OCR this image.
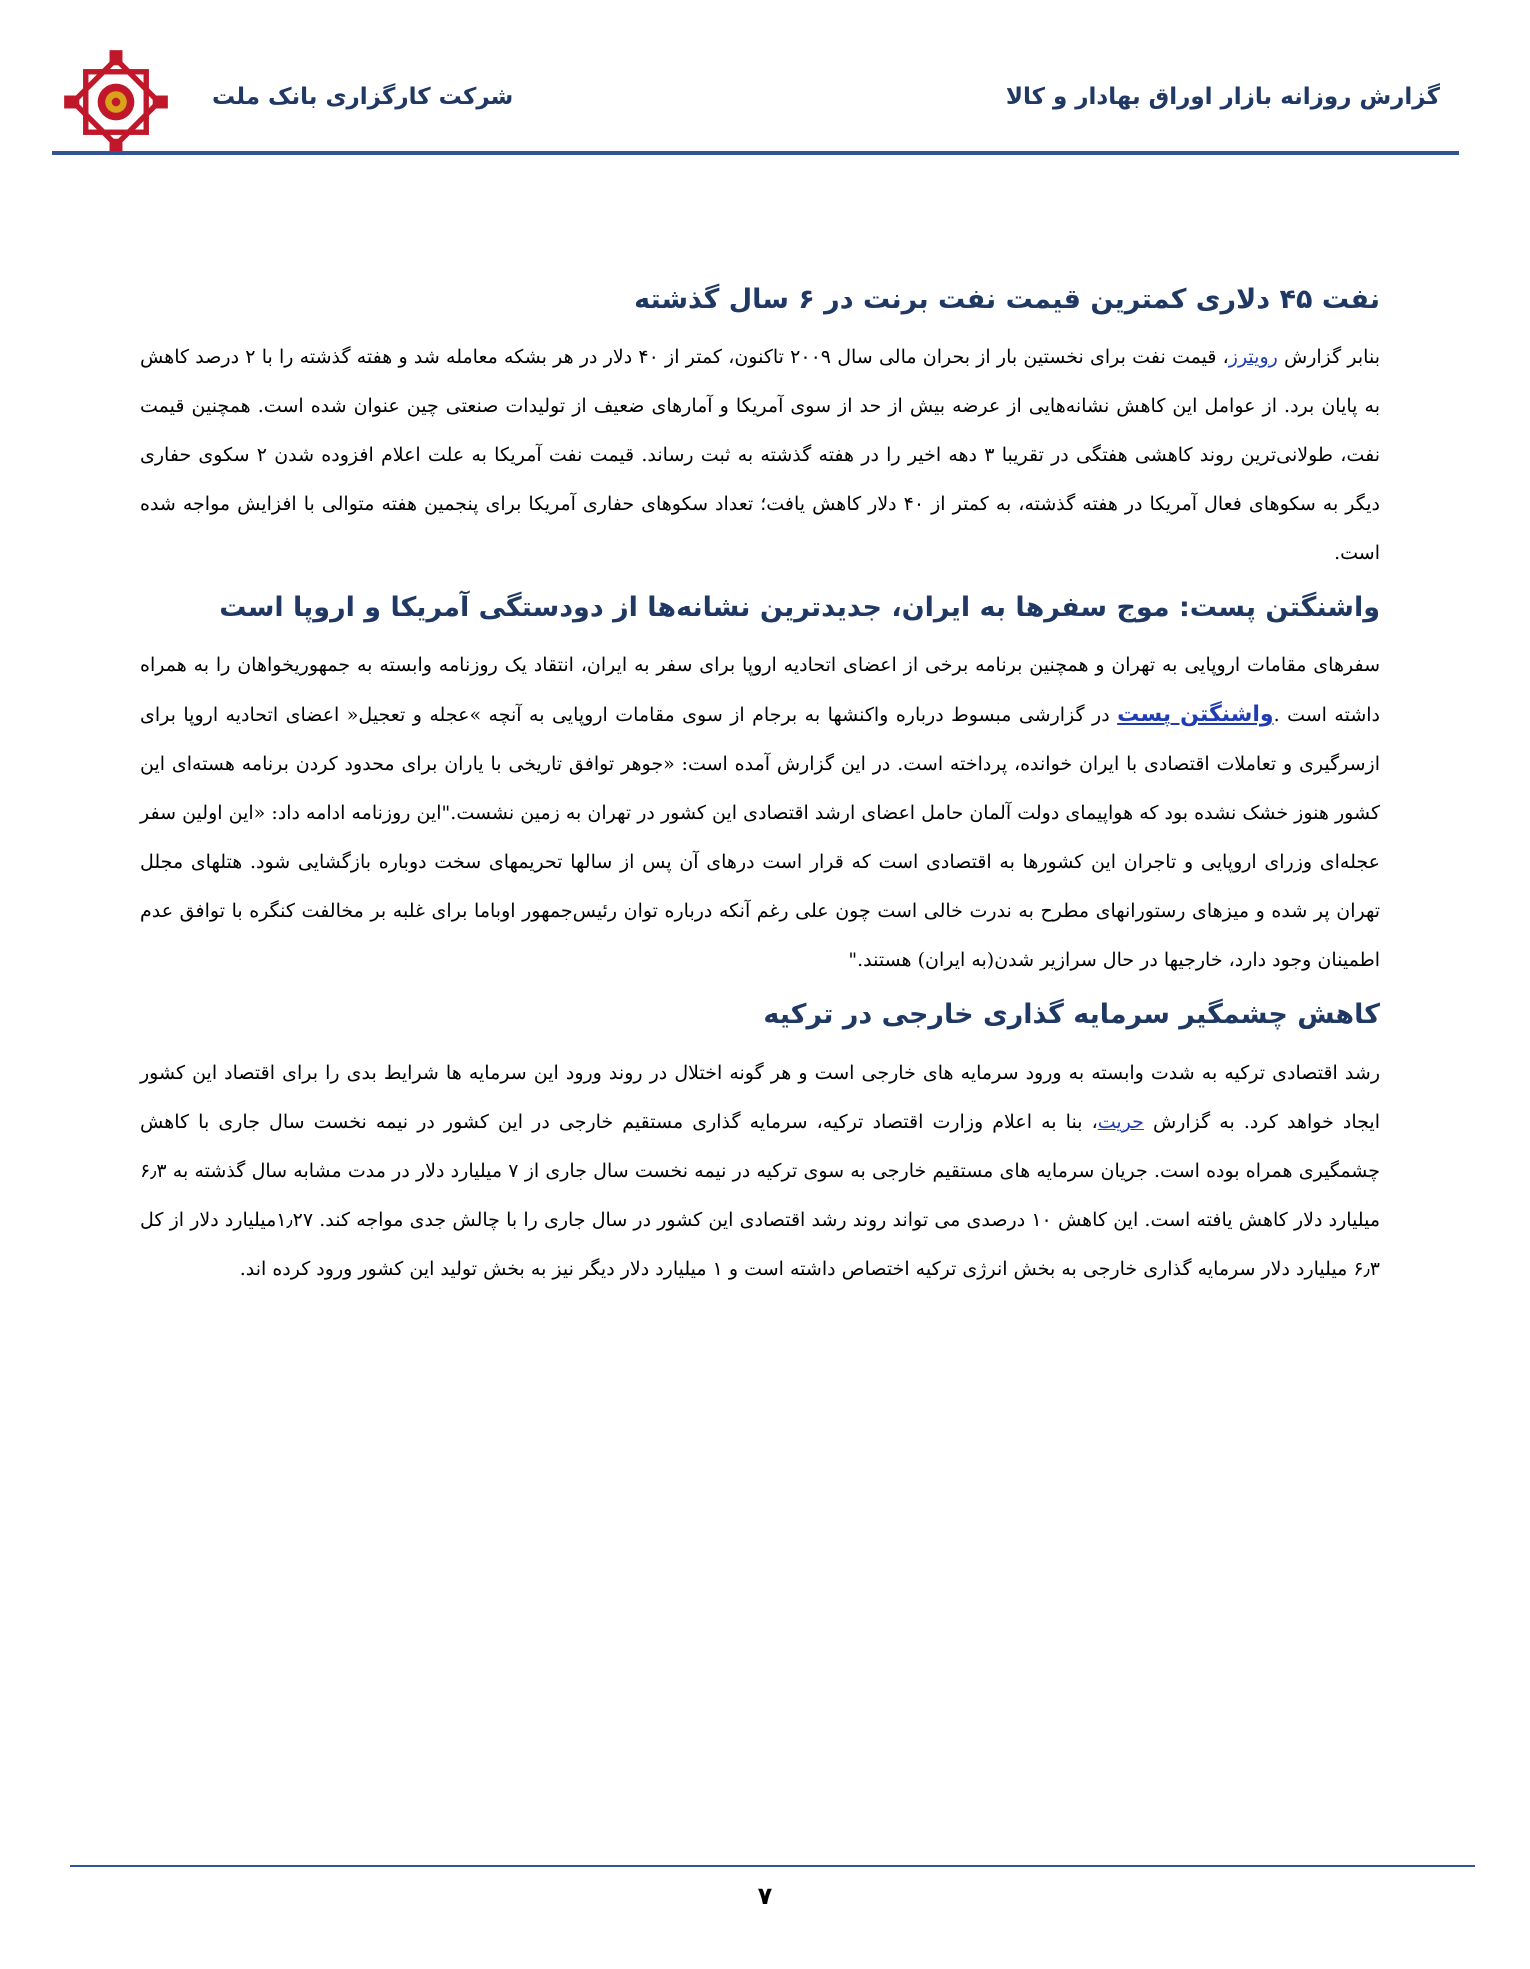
شرکت کارگزاری بانک ملت	گزارش روزانه بازار اوراق بهادار و کالا
نفت ۴۵ دلاری کمترین قیمت نفت برنت در ۶ سال گذشته

بنابر گزارش رویترز، قیمت نفت برای نخستین بار از بحران مالی سال ۲۰۰۹ تاکنون، کمتر از ۴۰ دلار در هر بشکه معامله شد و هفته گذشته را با ۲ درصد کاهش به پایان برد. از عوامل این کاهش نشانه‌هایی از عرضه بیش از حد از سوی آمریکا و آمارهای ضعیف از تولیدات صنعتی چین عنوان شده است. همچنین قیمت نفت، طولانی‌ترین روند کاهشی هفتگی در تقریبا ۳ دهه اخیر را در هفته گذشته به ثبت رساند. قیمت نفت آمریکا به علت اعلام افزوده شدن ۲ سکوی حفاری دیگر به سکوهای فعال آمریکا در هفته گذشته، به کمتر از ۴۰ دلار کاهش یافت؛ تعداد سکوهای حفاری آمریکا برای پنجمین هفته متوالی با افزایش مواجه شده است.

واشنگتن پست: موج سفرها به ایران، جدیدترین نشانه‌ها از دودستگی آمریکا و اروپا است

سفرهای مقامات اروپایی به تهران و همچنین برنامه برخی از اعضای اتحادیه اروپا برای سفر به ایران، انتقاد یک روزنامه وابسته به جمهوریخواهان را به همراه داشته است .واشنگتن پست در گزارشی مبسوط درباره واکنشها به برجام از سوی مقامات اروپایی به آنچه »عجله و تعجیل« اعضای اتحادیه اروپا برای ازسرگیری و تعاملات اقتصادی با ایران خوانده، پرداخته است. در این گزارش آمده است: «جوهر توافق تاریخی با یاران برای محدود کردن برنامه هسته‌ای این کشور هنوز خشک نشده بود که هواپیمای دولت آلمان حامل اعضای ارشد اقتصادی این کشور در تهران به زمین نشست."این روزنامه ادامه داد: «این اولین سفر عجله‌ای وزرای اروپایی و تاجران این کشورها به اقتصادی است که قرار است درهای آن پس از سالها تحریمهای سخت دوباره بازگشایی شود. هتلهای مجلل تهران پر شده و میزهای رستورانهای مطرح به ندرت خالی است چون علی رغم آنکه درباره توان رئیس‌جمهور اوباما برای غلبه بر مخالفت کنگره با توافق عدم اطمینان وجود دارد، خارجیها در حال سرازیر شدن(به ایران) هستند."

کاهش چشمگیر سرمایه گذاری خارجی در ترکیه

رشد اقتصادی ترکیه به شدت وابسته به ورود سرمایه های خارجی است و هر گونه اختلال در روند ورود این سرمایه ها شرایط بدی را برای اقتصاد این کشور ایجاد خواهد کرد. به گزارش حریت، بنا به اعلام وزارت اقتصاد ترکیه، سرمایه گذاری مستقیم خارجی در این کشور در نیمه نخست سال جاری با کاهش چشمگیری همراه بوده است. جریان سرمایه های مستقیم خارجی به سوی ترکیه در نیمه نخست سال جاری از ۷ میلیارد دلار در مدت مشابه سال گذشته به ۶٫۳ میلیارد دلار کاهش یافته است. این کاهش ۱۰ درصدی می تواند روند رشد اقتصادی این کشور در سال جاری را با چالش جدی مواجه کند. ۱٫۲۷میلیارد دلار از کل ۶٫۳ میلیارد دلار سرمایه گذاری خارجی به بخش انرژی ترکیه اختصاص داشته است و ۱ میلیارد دلار دیگر نیز به بخش تولید این کشور ورود کرده اند.

۷
